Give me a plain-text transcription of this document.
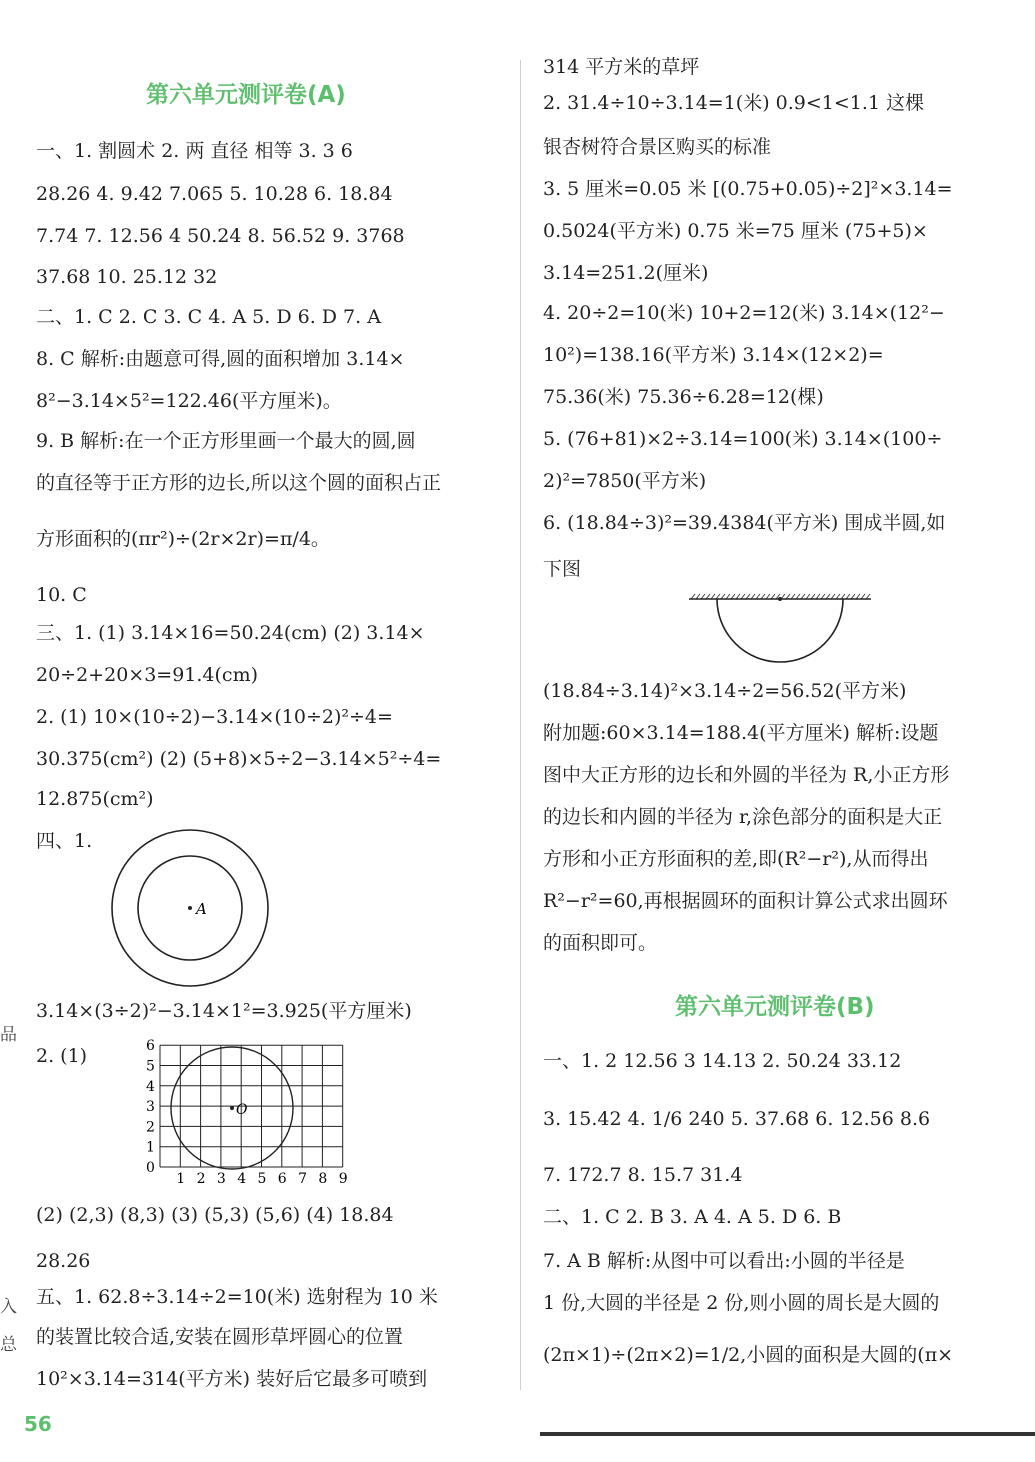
入
总
品
第六单元测评卷(A)
一、1. 割圆术 2. 两 直径 相等 3. 3 6
28.26 4. 9.42 7.065 5. 10.28 6. 18.84
7.74 7. 12.56 4 50.24 8. 56.52 9. 3768
37.68 10. 25.12 32
二、1. C 2. C 3. C 4. A 5. D 6. D 7. A
8. C 解析:由题意可得,圆的面积增加 3.14×
8²−3.14×5²=122.46(平方厘米)。
9. B 解析:在一个正方形里画一个最大的圆,圆
的直径等于正方形的边长,所以这个圆的面积占正
方形面积的(πr²)÷(2r×2r)=π/4。
10. C
三、1. (1) 3.14×16=50.24(cm) (2) 3.14×
20÷2+20×3=91.4(cm)
2. (1) 10×(10÷2)−3.14×(10÷2)²÷4=
30.375(cm²) (2) (5+8)×5÷2−3.14×5²÷4=
12.875(cm²)
四、1.
A
3.14×(3÷2)²−3.14×1²=3.925(平方厘米)
2. (1)
O
1 2 3 4 5 6 7 8 9
0
1
2
3
4
5
6
(2) (2,3) (8,3) (3) (5,3) (5,6) (4) 18.84
28.26
五、1. 62.8÷3.14÷2=10(米) 选射程为 10 米
的装置比较合适,安装在圆形草坪圆心的位置
10²×3.14=314(平方米) 装好后它最多可喷到
314 平方米的草坪
2. 31.4÷10÷3.14=1(米) 0.9<1<1.1 这棵
银杏树符合景区购买的标准
3. 5 厘米=0.05 米 [(0.75+0.05)÷2]²×3.14=
0.5024(平方米) 0.75 米=75 厘米 (75+5)×
3.14=251.2(厘米)
4. 20÷2=10(米) 10+2=12(米) 3.14×(12²−
10²)=138.16(平方米) 3.14×(12×2)=
75.36(米) 75.36÷6.28=12(棵)
5. (76+81)×2÷3.14=100(米) 3.14×(100÷
2)²=7850(平方米)
6. (18.84÷3)²=39.4384(平方米) 围成半圆,如
下图
(18.84÷3.14)²×3.14÷2=56.52(平方米)
附加题:60×3.14=188.4(平方厘米) 解析:设题
图中大正方形的边长和外圆的半径为 R,小正方形
的边长和内圆的半径为 r,涂色部分的面积是大正
方形和小正方形面积的差,即(R²−r²),从而得出
R²−r²=60,再根据圆环的面积计算公式求出圆环
的面积即可。
第六单元测评卷(B)
一、1. 2 12.56 3 14.13 2. 50.24 33.12
3. 15.42 4. 1/6 240 5. 37.68 6. 12.56 8.6
7. 172.7 8. 15.7 31.4
二、1. C 2. B 3. A 4. A 5. D 6. B
7. A B 解析:从图中可以看出:小圆的半径是
1 份,大圆的半径是 2 份,则小圆的周长是大圆的
(2π×1)÷(2π×2)=1/2,小圆的面积是大圆的(π×
56
